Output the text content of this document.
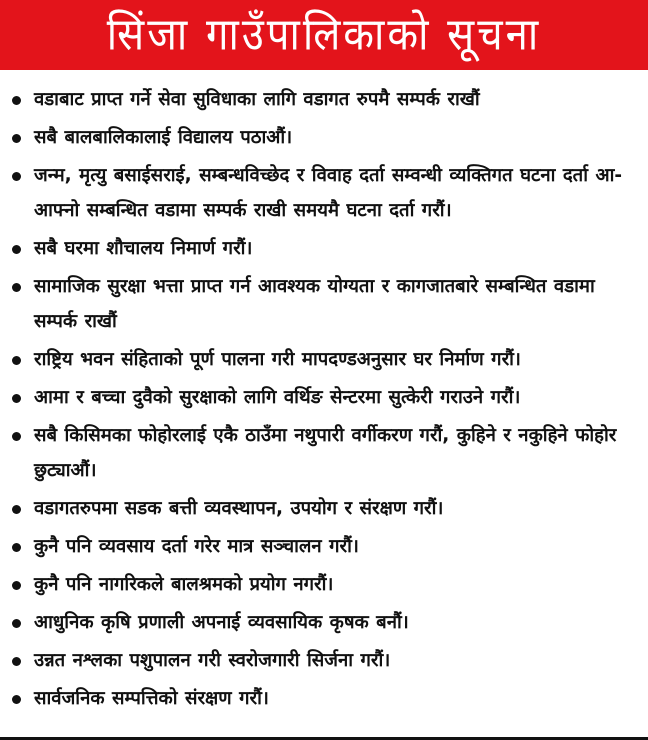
सिंजा गाउँपालिकाको सूचना
वडाबाट प्राप्त गर्ने सेवा सुविधाका लागि वडागत रुपमै सम्पर्क राखौं
सबै बालबालिकालाई विद्यालय पठाऔं।
जन्म, मृत्यु बसाईसराई, सम्बन्धविच्छेद र विवाह दर्ता सम्वन्धी व्यक्तिगत घटना दर्ता आ-आफ्नो सम्बन्धित वडामा सम्पर्क राखी समयमै घटना दर्ता गरौं।
सबै घरमा शौचालय निमार्ण गरौं।
सामाजिक सुरक्षा भत्ता प्राप्त गर्न आवश्यक योग्यता र कागजातबारे सम्बन्धित वडामा सम्पर्क राखौं
राष्ट्रिय भवन संहिताको पूर्ण पालना गरी मापदण्डअनुसार घर निर्माण गरौं।
आमा र बच्चा दुवैको सुरक्षाको लागि वर्थिङ सेन्टरमा सुत्केरी गराउने गरौं।
सबै किसिमका फोहोरलाई एकै ठाउँमा नथुपारी वर्गीकरण गरौं, कुहिने र नकुहिने फोहोर छुट्याऔं।
वडागतरुपमा सडक बत्ती व्यवस्थापन, उपयोग र संरक्षण गरौं।
कुनै पनि व्यवसाय दर्ता गरेर मात्र सञ्चालन गरौं।
कुनै पनि नागरिकले बालश्रमको प्रयोग नगरौं।
आधुनिक कृषि प्रणाली अपनाई व्यवसायिक कृषक बनौं।
उन्नत नश्लका पशुपालन गरी स्वरोजगारी सिर्जना गरौं।
सार्वजनिक सम्पत्तिको संरक्षण गरौं।
